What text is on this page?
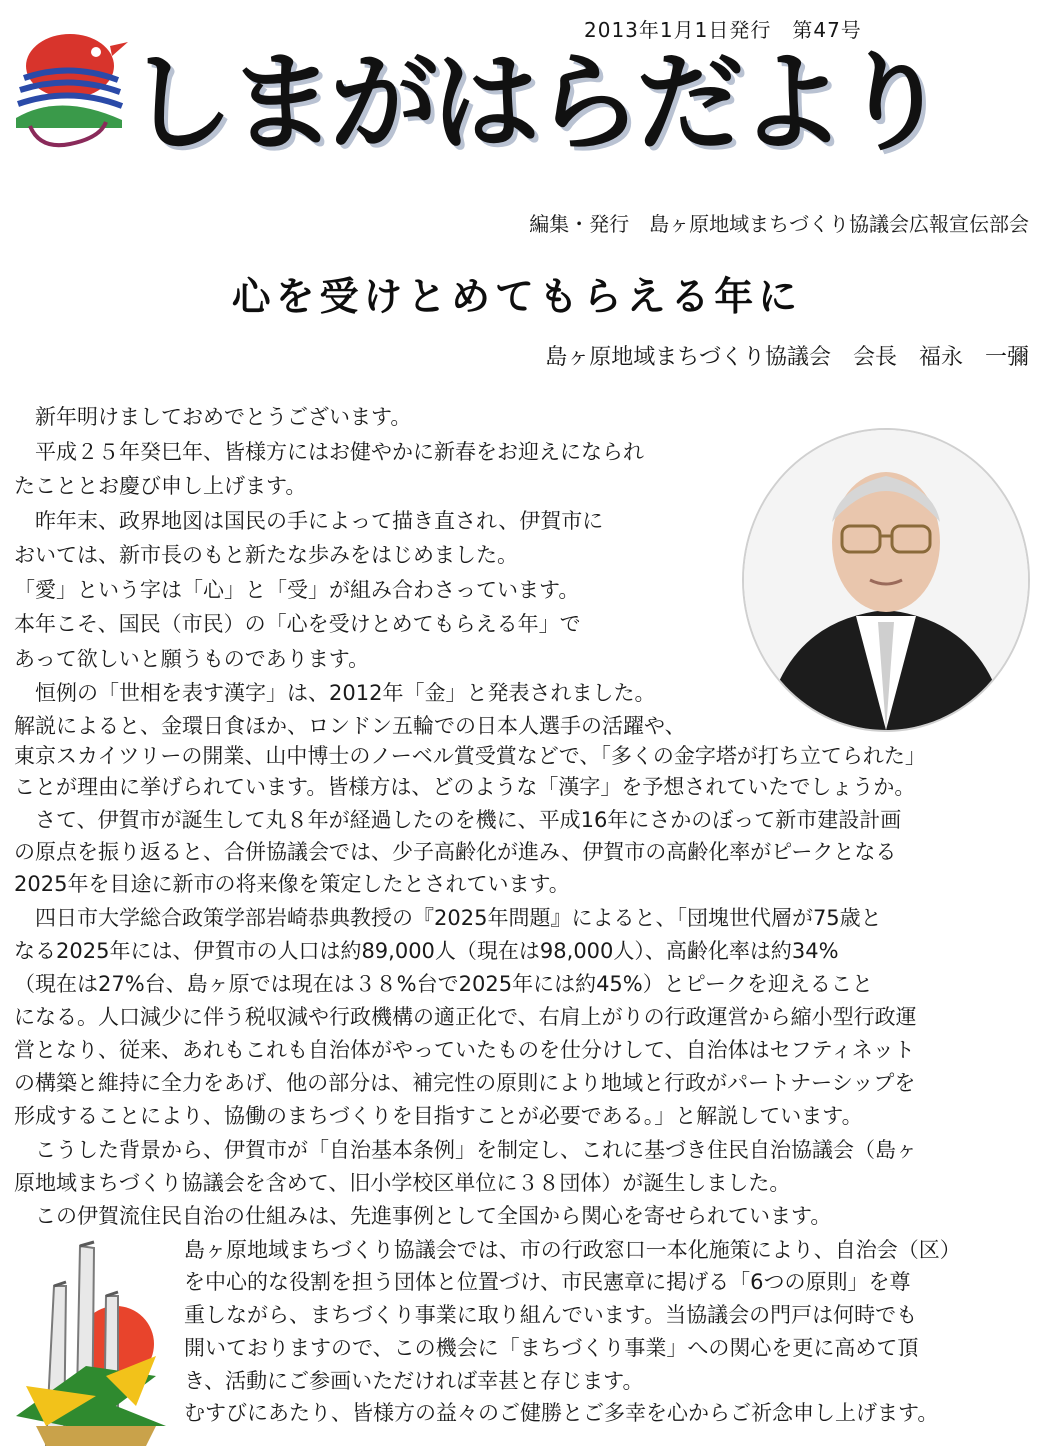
2013年1月1日発行　第47号
しまがはらだより
編集・発行　島ヶ原地域まちづくり協議会広報宣伝部会
心を受けとめてもらえる年に
島ヶ原地域まちづくり協議会　会長　福永　一彌
　新年明けましておめでとうございます。
　平成２５年癸巳年、皆様方にはお健やかに新春をお迎えになられ
たこととお慶び申し上げます。
　昨年末、政界地図は国民の手によって描き直され、伊賀市に
おいては、新市長のもと新たな歩みをはじめました。
「愛」という字は「心」と「受」が組み合わさっています。
本年こそ、国民（市民）の「心を受けとめてもらえる年」で
あって欲しいと願うものであります。
　恒例の「世相を表す漢字」は、2012年「金」と発表されました。
解説によると、金環日食ほか、ロンドン五輪での日本人選手の活躍や、
東京スカイツリーの開業、山中博士のノーベル賞受賞などで、「多くの金字塔が打ち立てられた」
ことが理由に挙げられています。皆様方は、どのような「漢字」を予想されていたでしょうか。
　さて、伊賀市が誕生して丸８年が経過したのを機に、平成16年にさかのぼって新市建設計画
の原点を振り返ると、合併協議会では、少子高齢化が進み、伊賀市の高齢化率がピークとなる
2025年を目途に新市の将来像を策定したとされています。
　四日市大学総合政策学部岩崎恭典教授の『2025年問題』によると、「団塊世代層が75歳と
なる2025年には、伊賀市の人口は約89,000人（現在は98,000人）、高齢化率は約34%
（現在は27%台、島ヶ原では現在は３８%台で2025年には約45%）とピークを迎えること
になる。人口減少に伴う税収減や行政機構の適正化で、右肩上がりの行政運営から縮小型行政運
営となり、従来、あれもこれも自治体がやっていたものを仕分けして、自治体はセフティネット
の構築と維持に全力をあげ、他の部分は、補完性の原則により地域と行政がパートナーシップを
形成することにより、協働のまちづくりを目指すことが必要である。」と解説しています。
　こうした背景から、伊賀市が「自治基本条例」を制定し、これに基づき住民自治協議会（島ヶ
原地域まちづくり協議会を含めて、旧小学校区単位に３８団体）が誕生しました。
　この伊賀流住民自治の仕組みは、先進事例として全国から関心を寄せられています。
島ヶ原地域まちづくり協議会では、市の行政窓口一本化施策により、自治会（区）
を中心的な役割を担う団体と位置づけ、市民憲章に掲げる「6つの原則」を尊
重しながら、まちづくり事業に取り組んでいます。当協議会の門戸は何時でも
開いておりますので、この機会に「まちづくり事業」への関心を更に高めて頂
き、活動にご参画いただければ幸甚と存じます。
むすびにあたり、皆様方の益々のご健勝とご多幸を心からご祈念申し上げます。
